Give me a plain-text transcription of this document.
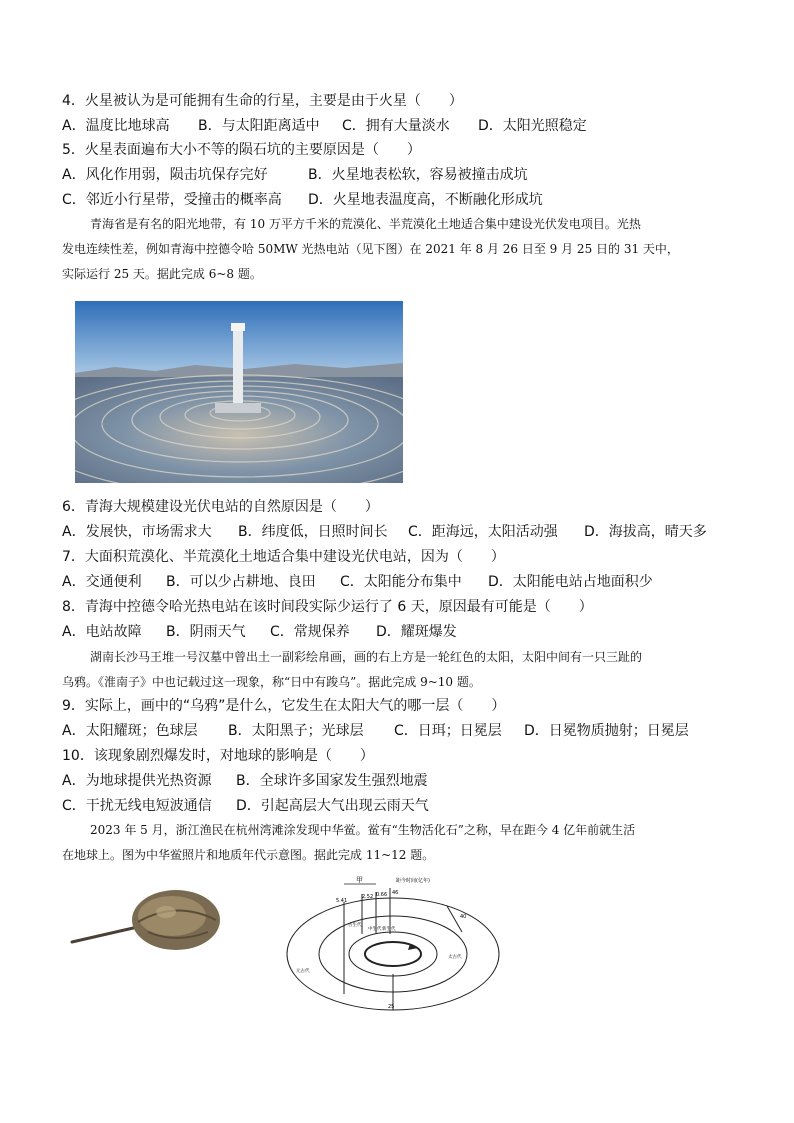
4．火星被认为是可能拥有生命的行星，主要是由于火星（　　）
A．温度比地球高 B．与太阳距离适中 C．拥有大量淡水 D．太阳光照稳定
5．火星表面遍布大小不等的陨石坑的主要原因是（　　）
A．风化作用弱，陨击坑保存完好	B．火星地表松软，容易被撞击成坑
C．邻近小行星带，受撞击的概率高 D．火星地表温度高，不断融化形成坑

青海省是有名的阳光地带，有 10 万平方千米的荒漠化、半荒漠化土地适合集中建设光伏发电项目。光热

发电连续性差，例如青海中控德令哈 50MW 光热电站（见下图）在 2021 年 8 月 26 日至 9 月 25 日的 31 天中，
实际运行 25 天。据此完成 6~8 题。
6．青海大规模建设光伏电站的自然原因是（　　）
A．发展快，市场需求大 B．纬度低，日照时间长 C．距海远，太阳活动强 D．海拔高，晴天多
7．大面积荒漠化、半荒漠化土地适合集中建设光伏电站，因为（　　）
A．交通便利 B．可以少占耕地、良田 C．太阳能分布集中 D．太阳能电站占地面积少
8．青海中控德令哈光热电站在该时间段实际少运行了 6 天，原因最有可能是（　　）
A．电站故障 B．阴雨天气 C．常规保养 D．耀斑爆发

湖南长沙马王堆一号汉墓中曾出土一副彩绘帛画，画的右上方是一轮红色的太阳，太阳中间有一只三趾的

乌鸦。《淮南子》中也记载过这一现象，称“日中有踆乌”。据此完成 9~10 题。
9．实际上，画中的“乌鸦”是什么，它发生在太阳大气的哪一层（　　）
A．太阳耀斑；色球层 B．太阳黑子；光球层 C．日珥；日冕层 D．日冕物质抛射；日冕层
10．该现象剧烈爆发时，对地球的影响是（　　）
A．为地球提供光热资源 B．全球许多国家发生强烈地震
C．干扰无线电短波通信 D．引起高层大气出现云雨天气

2023 年 5 月，浙江渔民在杭州湾滩涂发现中华鲎。鲎有“生物活化石”之称，早在距今 4 亿年前就生活

在地球上。图为中华鲎照片和地质年代示意图。据此完成 11~12 题。
甲	距今时间(亿年)
5.41
2.52 0.66 46
40
25
新生代
中生代
古生代
元古代
太古代
